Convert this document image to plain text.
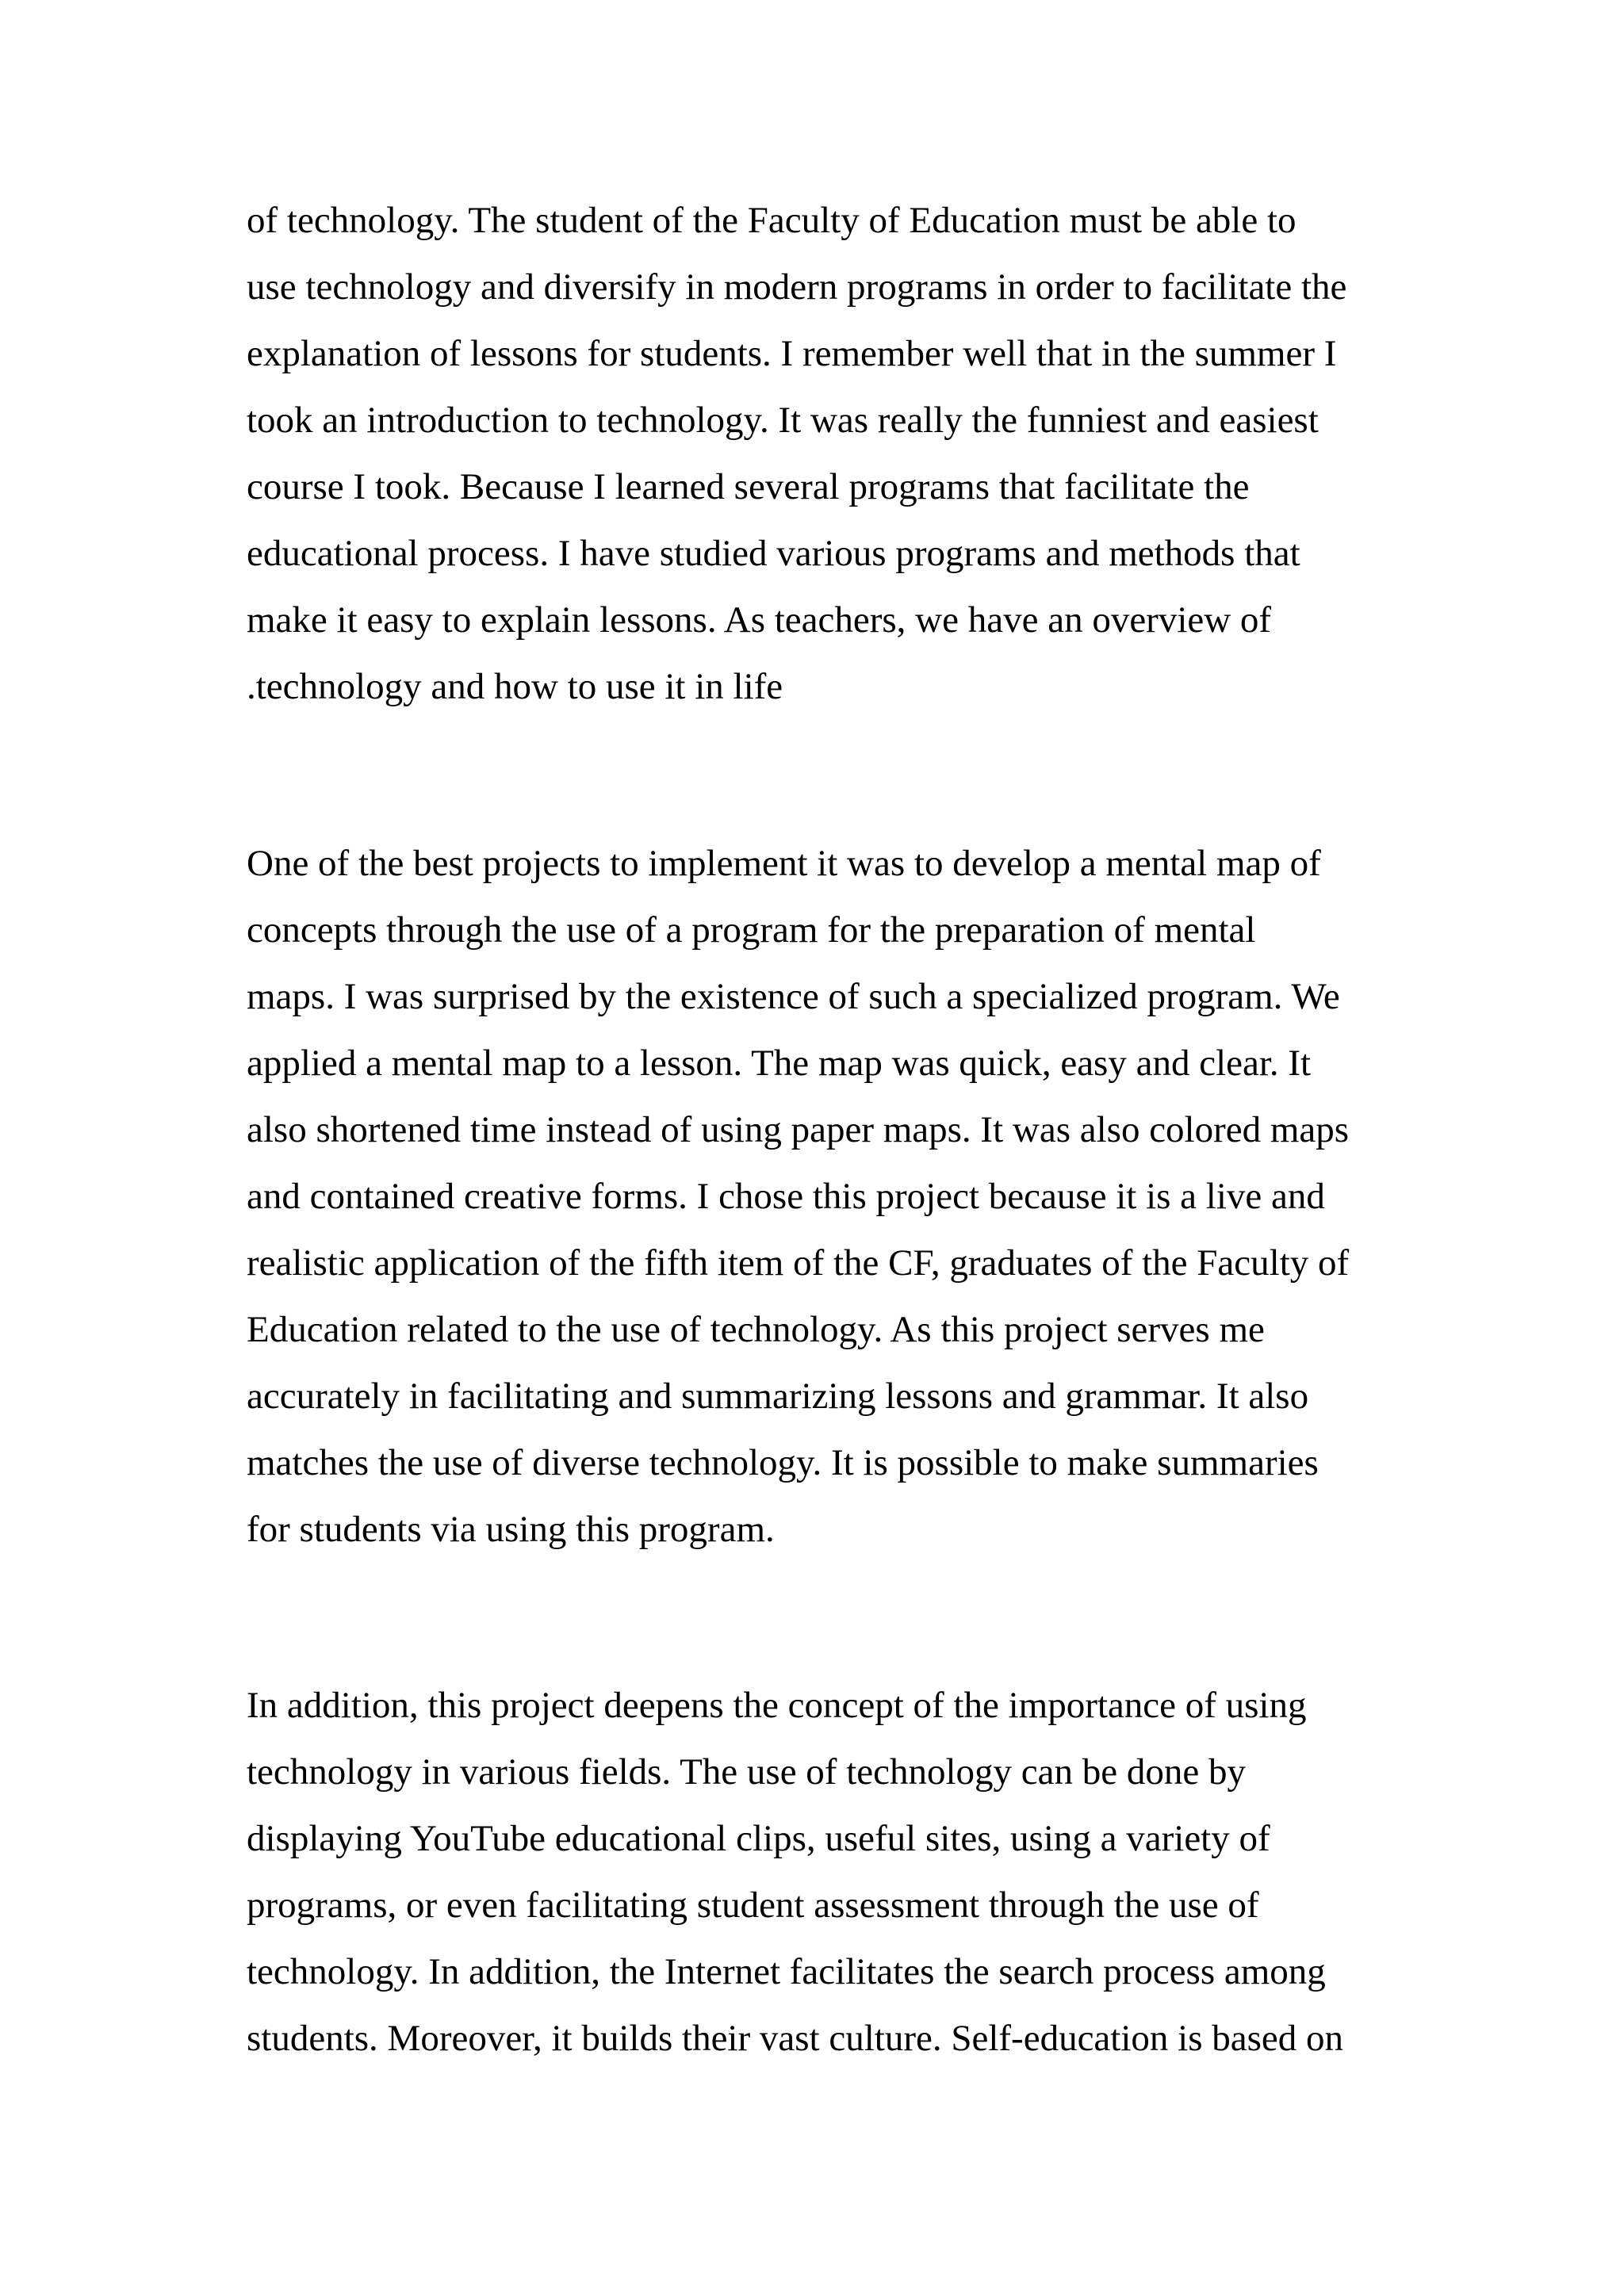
of technology. The student of the Faculty of Education must be able to

use technology and diversify in modern programs in order to facilitate the

explanation of lessons for students. I remember well that in the summer I

took an introduction to technology. It was really the funniest and easiest

course I took. Because I learned several programs that facilitate the

educational process. I have studied various programs and methods that

make it easy to explain lessons. As teachers, we have an overview of

.technology and how to use it in life

One of the best projects to implement it was to develop a mental map of

concepts through the use of a program for the preparation of mental

maps. I was surprised by the existence of such a specialized program. We

applied a mental map to a lesson. The map was quick, easy and clear. It

also shortened time instead of using paper maps. It was also colored maps

and contained creative forms. I chose this project because it is a live and

realistic application of the fifth item of the CF, graduates of the Faculty of

Education related to the use of technology. As this project serves me

accurately in facilitating and summarizing lessons and grammar. It also

matches the use of diverse technology. It is possible to make summaries

for students via using this program.

In addition, this project deepens the concept of the importance of using

technology in various fields. The use of technology can be done by

displaying YouTube educational clips, useful sites, using a variety of

programs, or even facilitating student assessment through the use of

technology. In addition, the Internet facilitates the search process among

students. Moreover, it builds their vast culture. Self-education is based on
